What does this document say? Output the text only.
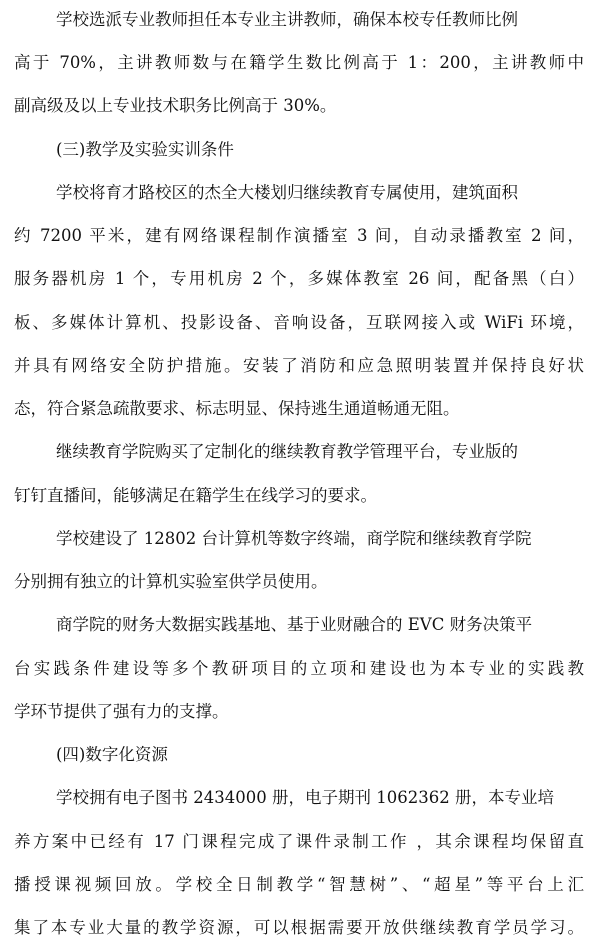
学校选派专业教师担任本专业主讲教师，确保本校专任教师比例
高于 70%，主讲教师数与在籍学生数比例高于 1：200，主讲教师中
副高级及以上专业技术职务比例高于 30%。
(三)教学及实验实训条件
学校将育才路校区的杰全大楼划归继续教育专属使用，建筑面积
约 7200 平米，建有网络课程制作演播室 3 间，自动录播教室 2 间，
服务器机房 1 个，专用机房 2 个，多媒体教室 26 间，配备黑（白）
板、多媒体计算机、投影设备、音响设备，互联网接入或 WiFi 环境，
并具有网络安全防护措施。安装了消防和应急照明装置并保持良好状
态，符合紧急疏散要求、标志明显、保持逃生通道畅通无阻。
继续教育学院购买了定制化的继续教育教学管理平台，专业版的
钉钉直播间，能够满足在籍学生在线学习的要求。
学校建设了 12802 台计算机等数字终端，商学院和继续教育学院
分别拥有独立的计算机实验室供学员使用。
商学院的财务大数据实践基地、基于业财融合的 EVC 财务决策平
台实践条件建设等多个教研项目的立项和建设也为本专业的实践教
学环节提供了强有力的支撑。
(四)数字化资源
学校拥有电子图书 2434000 册，电子期刊 1062362 册，本专业培
养方案中已经有 17 门课程完成了课件录制工作 ，其余课程均保留直
播授课视频回放。学校全日制教学“智慧树”、“超星”等平台上汇
集了本专业大量的教学资源，可以根据需要开放供继续教育学员学习。
